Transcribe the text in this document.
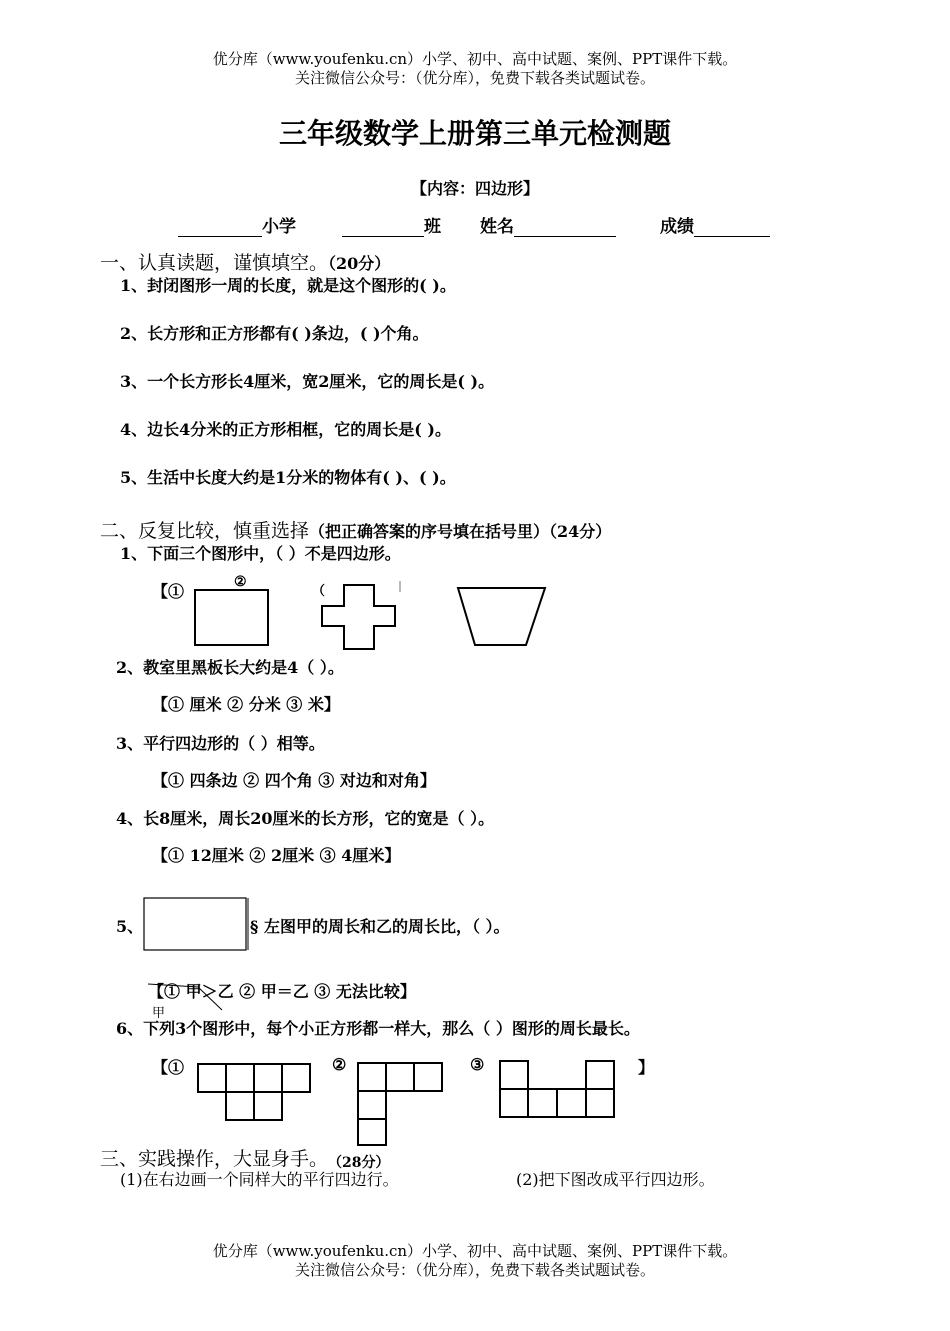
优分库（www.youfenku.cn）小学、初中、高中试题、案例、PPT课件下载。
关注微信公众号：（优分库），免费下载各类试题试卷。
三年级数学上册第三单元检测题
【内容：四边形】
小学	班 姓名	成绩
一、认真读题，谨慎填空。（20分）
1、封闭图形一周的长度，就是这个图形的( )。
2、长方形和正方形都有( )条边，( )个角。
3、一个长方形长4厘米，宽2厘米，它的周长是( )。
4、边长4分米的正方形相框，它的周长是( )。
5、生活中长度大约是1分米的物体有( )、( )。
二、反复比较，慎重选择（把正确答案的序号填在括号里）（24分）
1、下面三个图形中，（ ）不是四边形。
【①	②
（
2、教室里黑板长大约是4（ ）。
【① 厘米 ② 分米 ③ 米】
3、平行四边形的（ ）相等。
【① 四条边 ② 四个角 ③ 对边和对角】
4、长8厘米，周长20厘米的长方形，它的宽是（ ）。
【① 12厘米 ② 2厘米 ③ 4厘米】
5、	§ 左图甲的周长和乙的周长比，（ ）。
【① 甲＞乙 ② 甲＝乙 ③ 无法比较】
甲
6、下列3个图形中，每个小正方形都一样大，那么（ ）图形的周长最长。
【①	②	③	】
三、实践操作，大显身手。（28分）
(1)在右边画一个同样大的平行四边行。	(2)把下图改成平行四边形。
优分库（www.youfenku.cn）小学、初中、高中试题、案例、PPT课件下载。
关注微信公众号：（优分库），免费下载各类试题试卷。
